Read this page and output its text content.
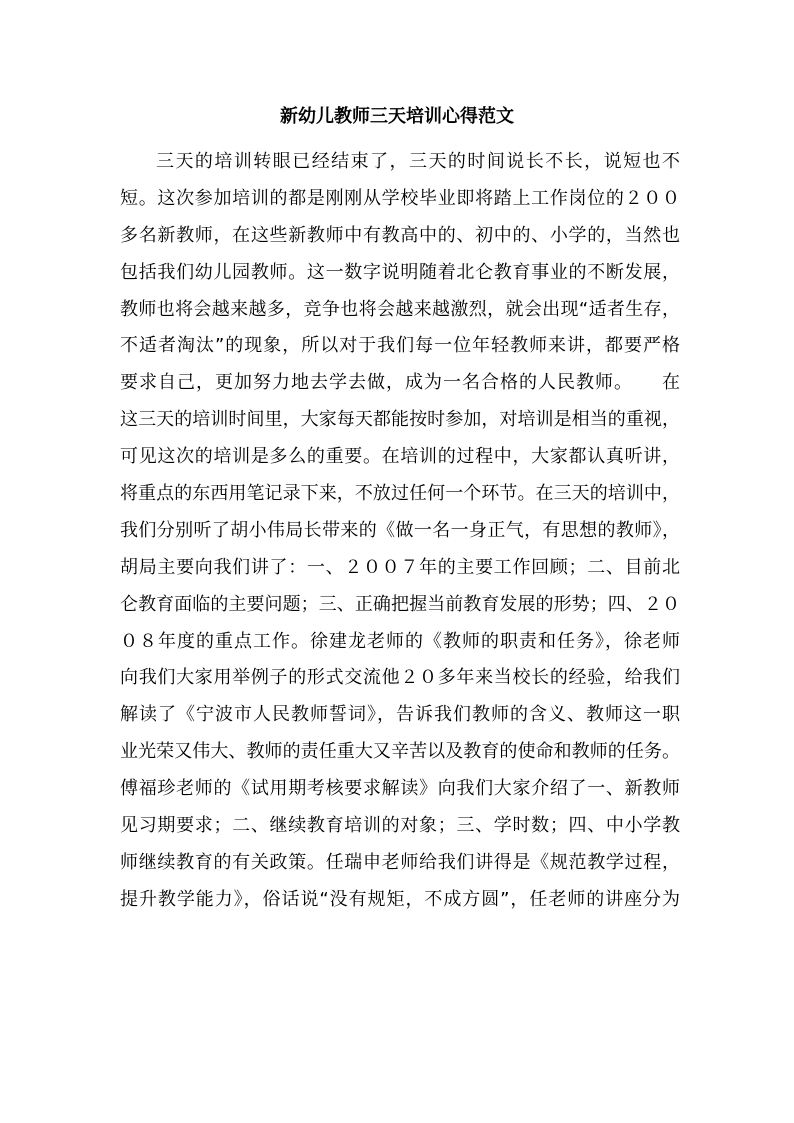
新幼儿教师三天培训心得范文
三天的培训转眼已经结束了，三天的时间说长不长，说短也不
短。这次参加培训的都是刚刚从学校毕业即将踏上工作岗位的２００
多名新教师，在这些新教师中有教高中的、初中的、小学的，当然也
包括我们幼儿园教师。这一数字说明随着北仑教育事业的不断发展，
教师也将会越来越多，竞争也将会越来越激烈，就会出现“适者生存，
不适者淘汰”的现象，所以对于我们每一位年轻教师来讲，都要严格
要求自己，更加努力地去学去做，成为一名合格的人民教师。　　在
这三天的培训时间里，大家每天都能按时参加，对培训是相当的重视，
可见这次的培训是多么的重要。在培训的过程中，大家都认真听讲，
将重点的东西用笔记录下来，不放过任何一个环节。在三天的培训中，
我们分别听了胡小伟局长带来的《做一名一身正气，有思想的教师》，
胡局主要向我们讲了：一、２００７年的主要工作回顾；二、目前北
仑教育面临的主要问题；三、正确把握当前教育发展的形势；四、２０
０８年度的重点工作。徐建龙老师的《教师的职责和任务》，徐老师
向我们大家用举例子的形式交流他２０多年来当校长的经验，给我们
解读了《宁波市人民教师誓词》，告诉我们教师的含义、教师这一职
业光荣又伟大、教师的责任重大又辛苦以及教育的使命和教师的任务。
傅福珍老师的《试用期考核要求解读》向我们大家介绍了一、新教师
见习期要求；二、继续教育培训的对象；三、学时数；四、中小学教
师继续教育的有关政策。任瑞申老师给我们讲得是《规范教学过程，
提升教学能力》，俗话说“没有规矩，不成方圆”，任老师的讲座分为
